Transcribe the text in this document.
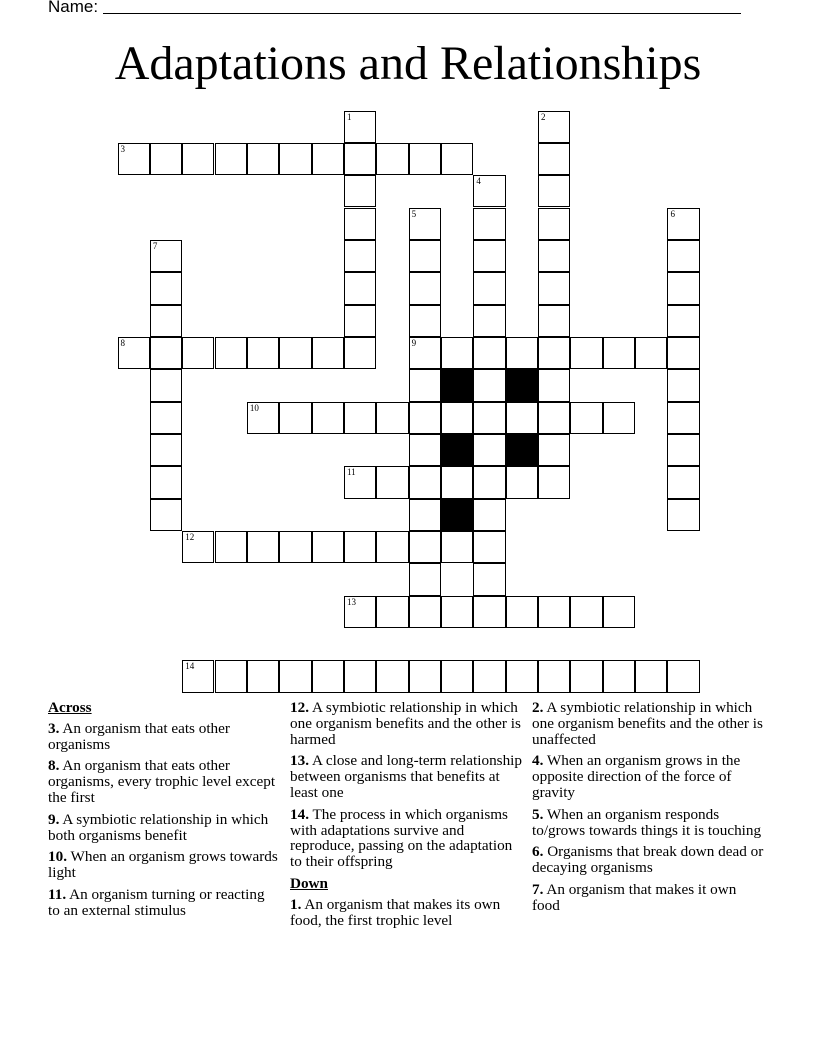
Name:
Adaptations and Relationships
3
8	9
10
11
12
13
14
1	2
4
5	6
7
Across
3. An organism that eats other organisms
8. An organism that eats other organisms, every trophic level except the first
9. A symbiotic relationship in which both organisms benefit
10. When an organism grows towards light
11. An organism turning or reacting to an external stimulus
12. A symbiotic relationship in which one organism benefits and the other is harmed
13. A close and long-term relationship between organisms that benefits at least one
14. The process in which organisms with adaptations survive and reproduce, passing on the adaptation to their offspring
Down
1. An organism that makes its own food, the first trophic level
2. A symbiotic relationship in which one organism benefits and the other is unaffected
4. When an organism grows in the opposite direction of the force of gravity
5. When an organism responds to/grows towards things it is touching
6. Organisms that break down dead or decaying organisms
7. An organism that makes it own food
